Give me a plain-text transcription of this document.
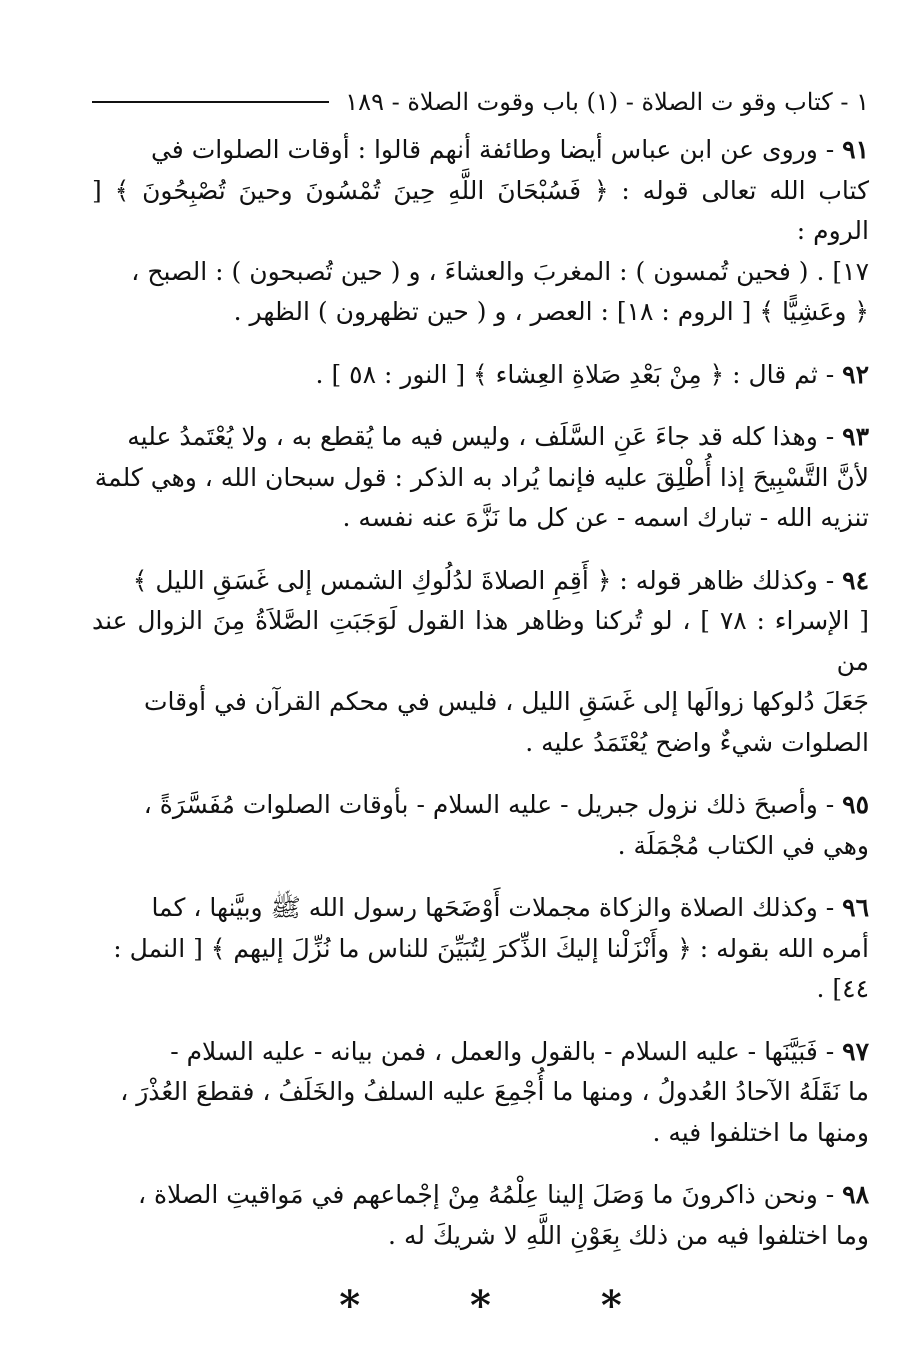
١ - كتاب وقو ت الصلاة - (١) باب وقوت الصلاة - ١٨٩

٩١ - وروى عن ابن عباس أيضا وطائفة أنهم قالوا : أوقات الصلوات في
كتاب الله تعالى قوله : ﴿ فَسُبْحَانَ اللَّهِ حِينَ تُمْسُونَ وحينَ تُصْبِحُونَ ﴾ [ الروم :
١٧] . ( فحين تُمسون ) : المغربَ والعشاءَ ، و ( حين تُصبحون ) : الصبح ،
﴿ وعَشِيًّا ﴾ [ الروم : ١٨] : العصر ، و ( حين تظهرون ) الظهر .

٩٢ - ثم قال : ﴿ مِنْ بَعْدِ صَلاةِ العِشاء ﴾ [ النور : ٥٨ ] .

٩٣ - وهذا كله قد جاءَ عَنِ السَّلَف ، وليس فيه ما يُقطع به ، ولا يُعْتَمدُ عليه
لأنَّ التَّسْبِيحَ إذا أُطْلِقَ عليه فإنما يُراد به الذكر : قول سبحان الله ، وهي كلمة
تنزيه الله - تبارك اسمه - عن كل ما نَزَّهَ عنه نفسه .

٩٤ - وكذلك ظاهر قوله : ﴿ أَقِمِ الصلاةَ لدُلُوكِ الشمس إلى غَسَقِ الليل ﴾
[ الإسراء : ٧٨ ] ، لو تُركنا وظاهر هذا القول لَوَجَبَتِ الصَّلاَةُ مِنَ الزوال عند من
جَعَلَ دُلوكها زوالَها إلى غَسَقِ الليل ، فليس في محكم القرآن في أوقات
الصلوات شيءٌ واضح يُعْتَمَدُ عليه .

٩٥ - وأصبحَ ذلك نزول جبريل - عليه السلام - بأوقات الصلوات مُفَسَّرَةً ،
وهي في الكتاب مُجْمَلَة .

٩٦ - وكذلك الصلاة والزكاة مجملات أَوْضَحَها رسول الله ﷺ وبيَّنها ، كما
أمره الله بقوله : ﴿ وأَنْزَلْنا إليكَ الذِّكرَ لِتُبَيِّنَ للناس ما نُزِّلَ إليهم ﴾ [ النمل :
٤٤] .

٩٧ - فَبَيَّنَها - عليه السلام - بالقول والعمل ، فمن بيانه - عليه السلام -
ما نَقَلَهُ الآحادُ العُدولُ ، ومنها ما أُجْمِعَ عليه السلفُ والخَلَفُ ، فقطعَ العُذْرَ ،
ومنها ما اختلفوا فيه .

٩٨ - ونحن ذاكرونَ ما وَصَلَ إلينا عِلْمُهُ مِنْ إجْماعهم في مَواقيتِ الصلاة ،
وما اختلفوا فيه من ذلك بِعَوْنِ اللَّهِ لا شريكَ له .

* * *
